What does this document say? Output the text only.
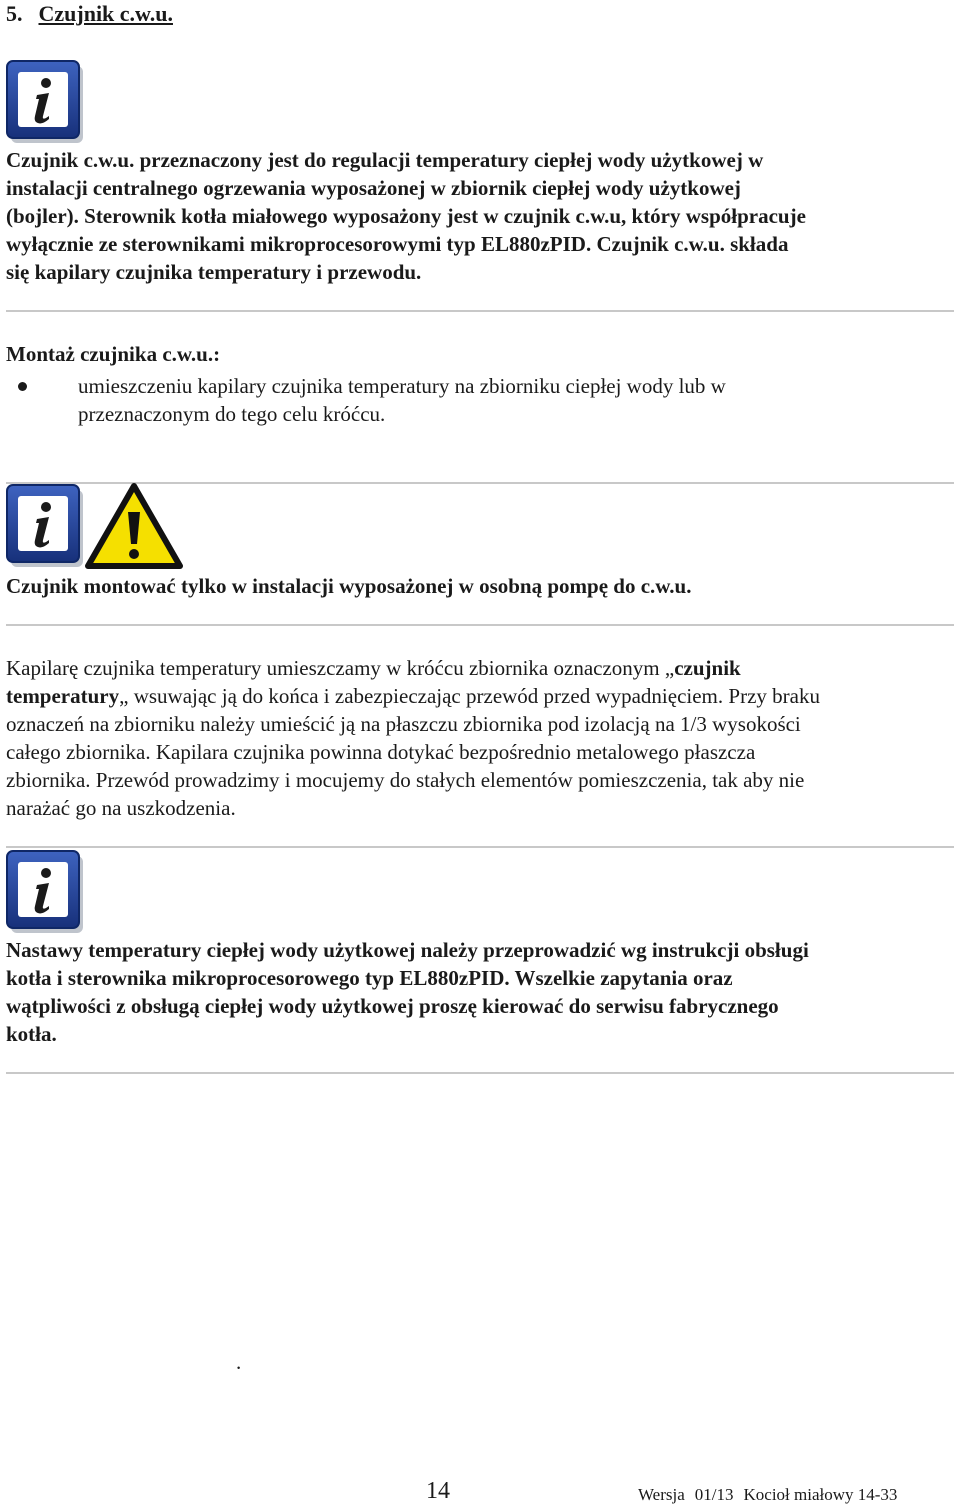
5. Czujnik c.w.u.

Czujnik c.w.u. przeznaczony jest do regulacji temperatury ciepłej wody użytkowej w

instalacji centralnego ogrzewania wyposażonej w zbiornik ciepłej wody użytkowej

(bojler). Sterownik kotła miałowego wyposażony jest w czujnik c.w.u, który współpracuje

wyłącznie ze sterownikami mikroprocesorowymi typ EL880zPID. Czujnik c.w.u. składa

się kapilary czujnika temperatury i przewodu.

Montaż czujnika c.w.u.:
umieszczeniu kapilary czujnika temperatury na zbiorniku ciepłej wody lub w
przeznaczonym do tego celu króćcu.
Czujnik montować tylko w instalacji wyposażonej w osobną pompę do c.w.u.

Kapilarę czujnika temperatury umieszczamy w króćcu zbiornika oznaczonym „czujnik

temperatury„ wsuwając ją do końca i zabezpieczając przewód przed wypadnięciem. Przy braku

oznaczeń na zbiorniku należy umieścić ją na płaszczu zbiornika pod izolacją na 1/3 wysokości

całego zbiornika. Kapilara czujnika powinna dotykać bezpośrednio metalowego płaszcza

zbiornika. Przewód prowadzimy i mocujemy do stałych elementów pomieszczenia, tak aby nie

narażać go na uszkodzenia.

Nastawy temperatury ciepłej wody użytkowej należy przeprowadzić wg instrukcji obsługi

kotła i sterownika mikroprocesorowego typ EL880zPID. Wszelkie zapytania oraz

wątpliwości z obsługą ciepłej wody użytkowej proszę kierować do serwisu fabrycznego

kotła.

.
14	Wersja 01/13 Kocioł miałowy 14-33
